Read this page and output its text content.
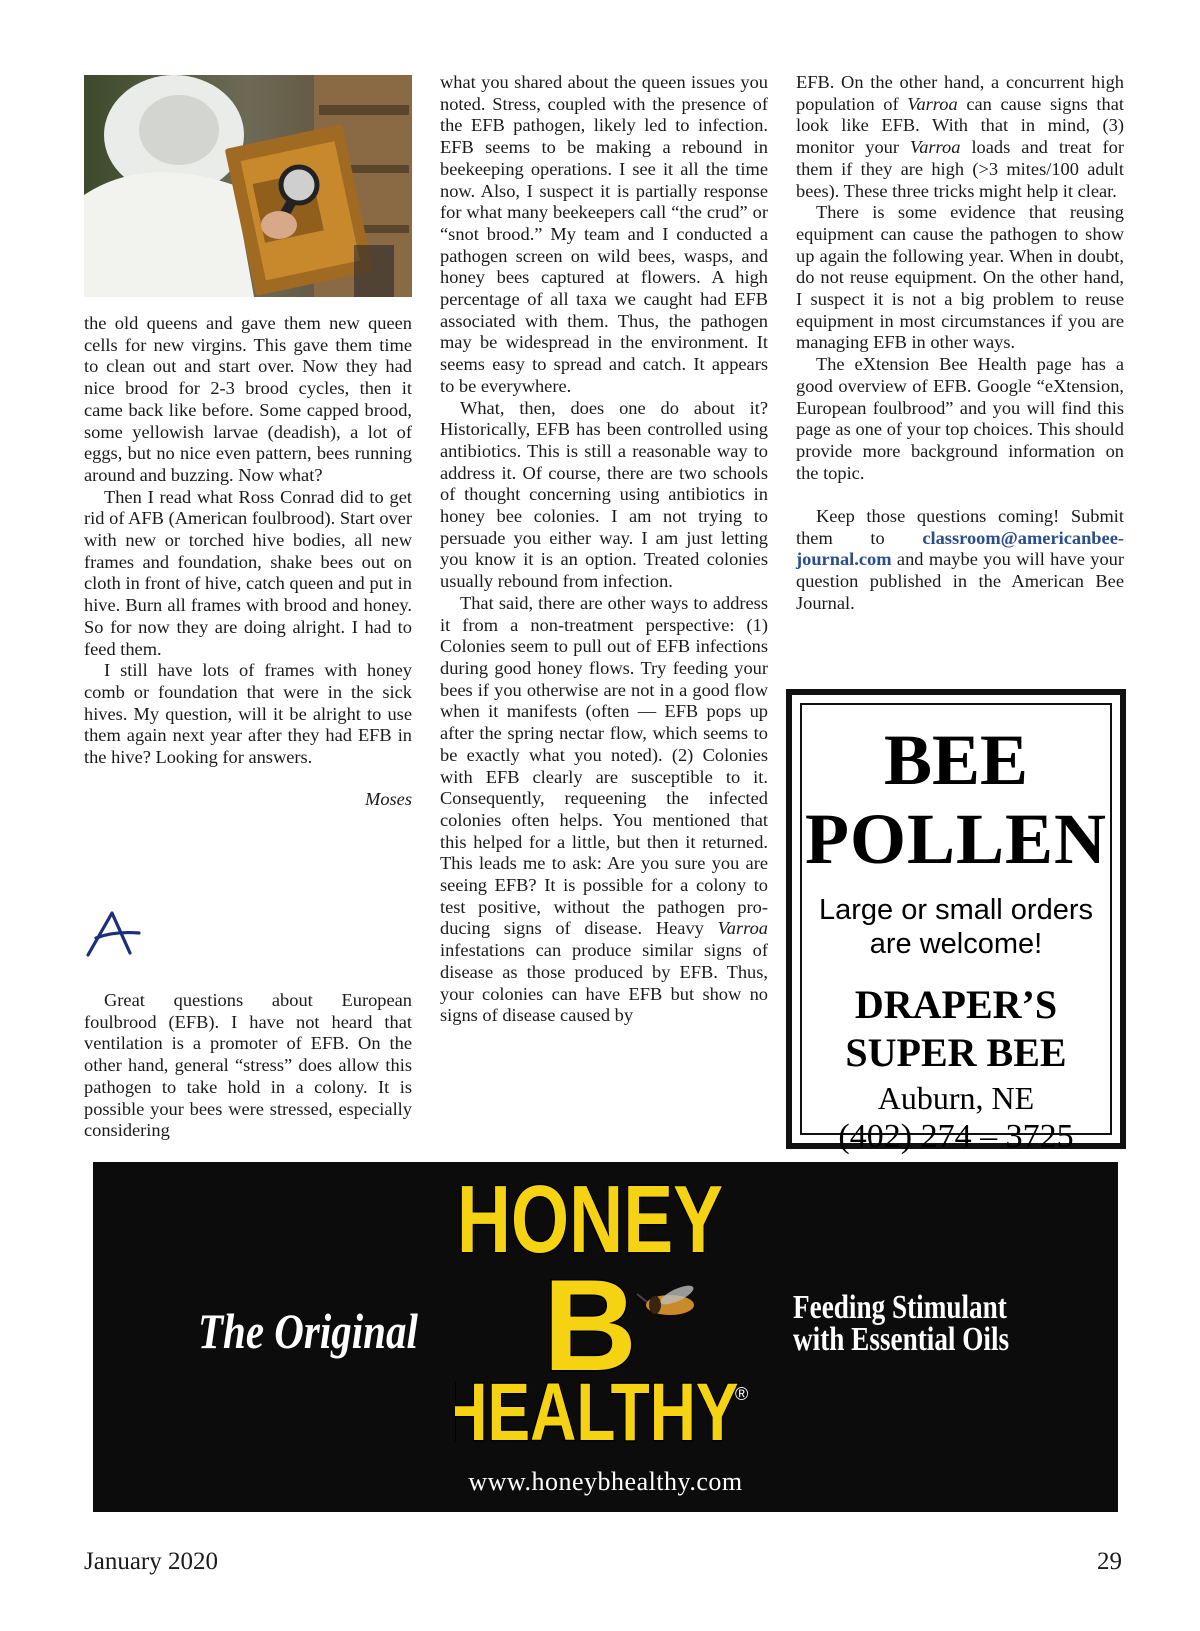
the old queens and gave them new queen cells for new virgins. This gave them time to clean out and start over. Now they had nice brood for 2-3 brood cycles, then it came back like before. Some capped brood, some yellowish larvae (deadish), a lot of eggs, but no nice even pattern, bees running around and buzzing. Now what?

Then I read what Ross Conrad did to get rid of AFB (American foulbrood). Start over with new or torched hive bodies, all new frames and foundation, shake bees out on cloth in front of hive, catch queen and put in hive. Burn all frames with brood and honey. So for now they are doing alright. I had to feed them.

I still have lots of frames with honey comb or foundation that were in the sick hives. My question, will it be alright to use them again next year after they had EFB in the hive? Looking for answers.

Moses

Great questions about European foulbrood (EFB). I have not heard that ventilation is a promoter of EFB. On the other hand, general “stress” does allow this pathogen to take hold in a colony. It is possible your bees were stressed, especially considering

what you shared about the queen issues you noted. Stress, coupled with the presence of the EFB pathogen, likely led to infection. EFB seems to be making a rebound in beekeeping operations. I see it all the time now. Also, I suspect it is partially response for what many beekeepers call “the crud” or “snot brood.” My team and I conducted a pathogen screen on wild bees, wasps, and honey bees captured at flowers. A high percentage of all taxa we caught had EFB associated with them. Thus, the pathogen may be widespread in the environment. It seems easy to spread and catch. It appears to be everywhere.

What, then, does one do about it? Historically, EFB has been controlled using antibiotics. This is still a reasonable way to address it. Of course, there are two schools of thought concerning using antibiotics in honey bee colonies. I am not trying to persuade you either way. I am just letting you know it is an option. Treated colonies usually rebound from infection.

That said, there are other ways to address it from a non-treatment perspective: (1) Colonies seem to pull out of EFB infections during good honey flows. Try feeding your bees if you otherwise are not in a good flow when it manifests (often — EFB pops up after the spring nectar flow, which seems to be exactly what you noted). (2) Colonies with EFB clearly are susceptible to it. Consequently, requeening the infected colonies often helps. You mentioned that this helped for a little, but then it returned. This leads me to ask: Are you sure you are seeing EFB? It is possible for a colony to test positive, without the pathogen producing signs of disease. Heavy Varroa infestations can produce similar signs of disease as those produced by EFB. Thus, your colonies can have EFB but show no signs of disease caused by

EFB. On the other hand, a concurrent high population of Varroa can cause signs that look like EFB. With that in mind, (3) monitor your Varroa loads and treat for them if they are high (>3 mites/100 adult bees). These three tricks might help it clear.

There is some evidence that reusing equipment can cause the pathogen to show up again the following year. When in doubt, do not reuse equipment. On the other hand, I suspect it is not a big problem to reuse equipment in most circumstances if you are managing EFB in other ways.

The eXtension Bee Health page has a good overview of EFB. Google “eXtension, European foulbrood” and you will find this page as one of your top choices. This should provide more background information on the topic.

Keep those questions coming! Submit them to classroom@americanbeejournal.com and maybe you will have your question published in the American Bee Journal.

BEE
POLLEN
Large or small orders
are welcome!
DRAPER’S
SUPER BEE
Auburn, NE
(402) 274 – 3725
The Original
HONEY
B
HEALTHY
®
Feeding Stimulant
with Essential Oils
www.honeybhealthy.com
January 2020	29
